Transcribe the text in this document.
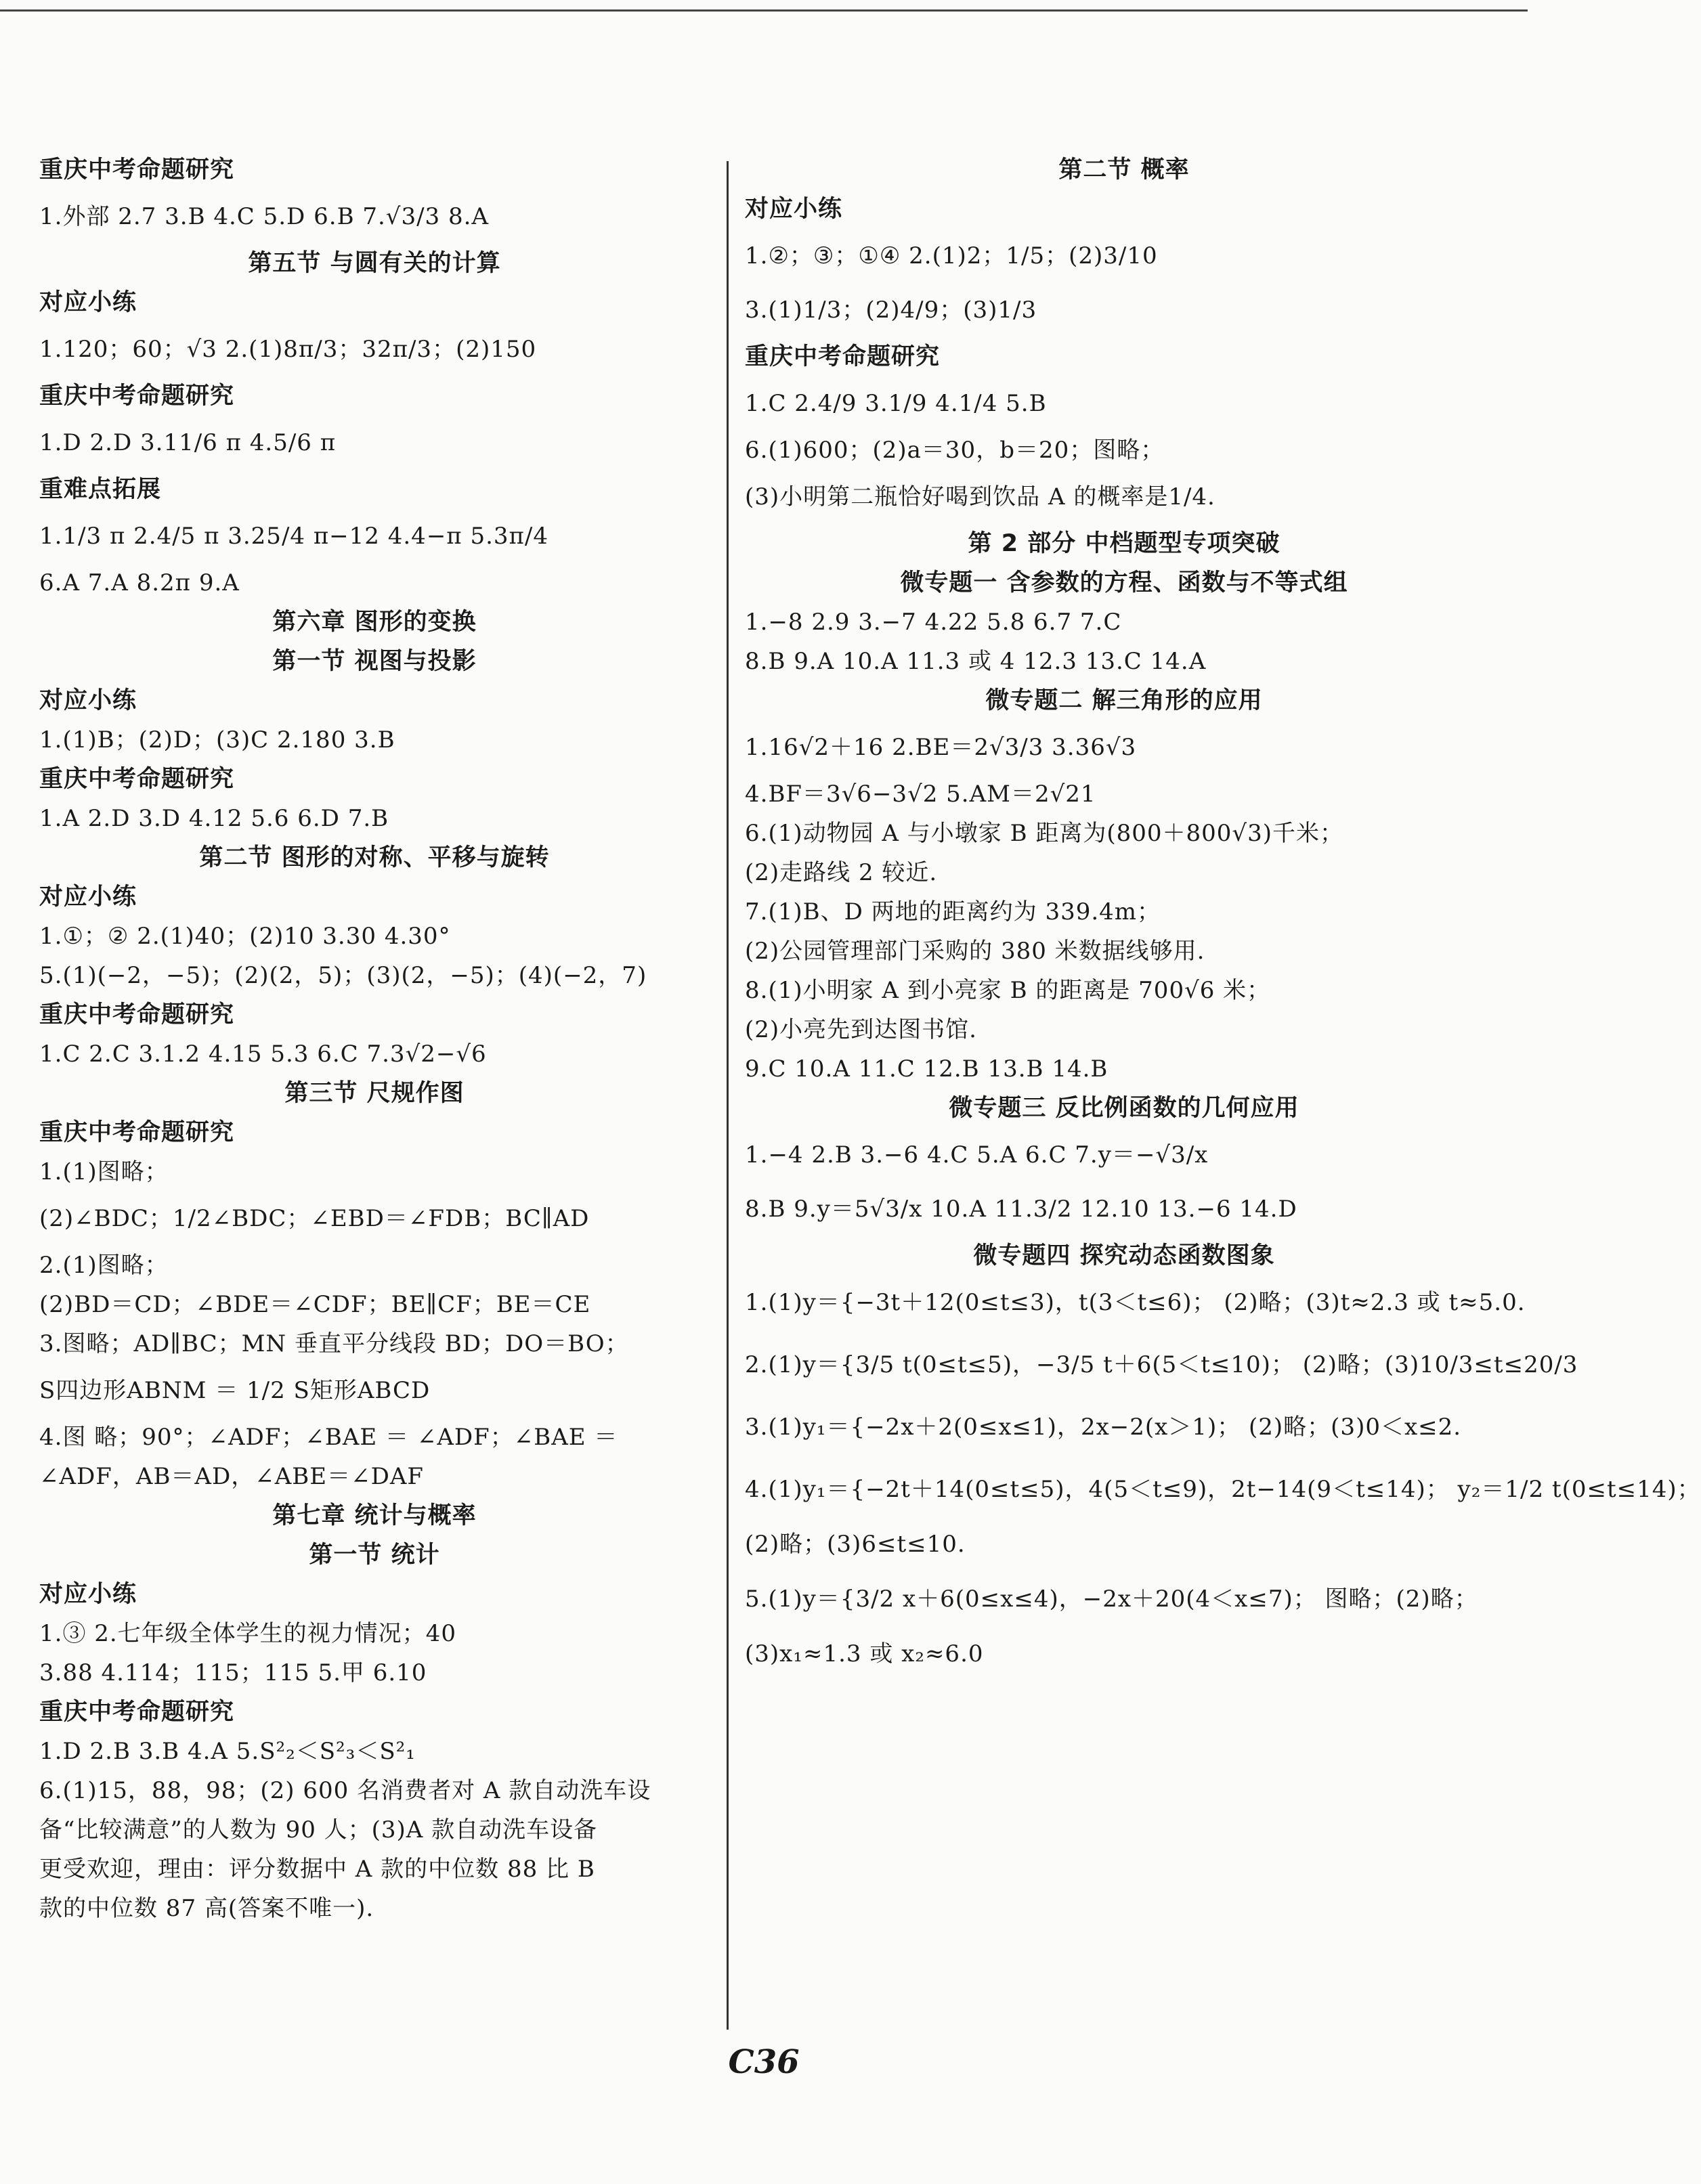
重庆中考命题研究
1.外部 2.7 3.B 4.C 5.D 6.B 7.√3/3 8.A
第五节 与圆有关的计算
对应小练
1.120；60；√3 2.(1)8π/3；32π/3；(2)150
重庆中考命题研究
1.D 2.D 3.11/6 π 4.5/6 π
重难点拓展
1.1/3 π 2.4/5 π 3.25/4 π−12 4.4−π 5.3π/4
6.A 7.A 8.2π 9.A
第六章 图形的变换
第一节 视图与投影
对应小练
1.(1)B；(2)D；(3)C 2.180 3.B
重庆中考命题研究
1.A 2.D 3.D 4.12 5.6 6.D 7.B
第二节 图形的对称、平移与旋转
对应小练
1.①；② 2.(1)40；(2)10 3.30 4.30°
5.(1)(−2，−5)；(2)(2，5)；(3)(2，−5)；(4)(−2，7)
重庆中考命题研究
1.C 2.C 3.1.2 4.15 5.3 6.C 7.3√2−√6
第三节 尺规作图
重庆中考命题研究
1.(1)图略；
(2)∠BDC；1/2∠BDC；∠EBD＝∠FDB；BC∥AD
2.(1)图略；
(2)BD＝CD；∠BDE＝∠CDF；BE∥CF；BE＝CE
3.图略；AD∥BC；MN 垂直平分线段 BD；DO＝BO；
S四边形ABNM ＝ 1/2 S矩形ABCD
4.图 略；90°；∠ADF；∠BAE ＝ ∠ADF；∠BAE ＝
∠ADF，AB＝AD，∠ABE＝∠DAF
第七章 统计与概率
第一节 统计
对应小练
1.③ 2.七年级全体学生的视力情况；40
3.88 4.114；115；115 5.甲 6.10
重庆中考命题研究
1.D 2.B 3.B 4.A 5.S²₂＜S²₃＜S²₁
6.(1)15，88，98；(2) 600 名消费者对 A 款自动洗车设
备“比较满意”的人数为 90 人；(3)A 款自动洗车设备
更受欢迎，理由：评分数据中 A 款的中位数 88 比 B
款的中位数 87 高(答案不唯一).
第二节 概率
对应小练
1.②；③；①④ 2.(1)2；1/5；(2)3/10
3.(1)1/3；(2)4/9；(3)1/3
重庆中考命题研究
1.C 2.4/9 3.1/9 4.1/4 5.B
6.(1)600；(2)a＝30，b＝20；图略；
(3)小明第二瓶恰好喝到饮品 A 的概率是1/4.
第 2 部分 中档题型专项突破
微专题一 含参数的方程、函数与不等式组
1.−8 2.9 3.−7 4.22 5.8 6.7 7.C
8.B 9.A 10.A 11.3 或 4 12.3 13.C 14.A
微专题二 解三角形的应用
1.16√2＋16 2.BE＝2√3/3 3.36√3
4.BF＝3√6−3√2 5.AM＝2√21
6.(1)动物园 A 与小墩家 B 距离为(800＋800√3)千米；
(2)走路线 2 较近.
7.(1)B、D 两地的距离约为 339.4m；
(2)公园管理部门采购的 380 米数据线够用.
8.(1)小明家 A 到小亮家 B 的距离是 700√6 米；
(2)小亮先到达图书馆.
9.C 10.A 11.C 12.B 13.B 14.B
微专题三 反比例函数的几何应用
1.−4 2.B 3.−6 4.C 5.A 6.C 7.y＝−√3/x
8.B 9.y＝5√3/x 10.A 11.3/2 12.10 13.−6 14.D
微专题四 探究动态函数图象
1.(1)y＝{−3t＋12(0≤t≤3)，t(3＜t≤6)； (2)略；(3)t≈2.3 或 t≈5.0.
2.(1)y＝{3/5 t(0≤t≤5)，−3/5 t＋6(5＜t≤10)； (2)略；(3)10/3≤t≤20/3
3.(1)y₁＝{−2x＋2(0≤x≤1)，2x−2(x＞1)； (2)略；(3)0＜x≤2.
4.(1)y₁＝{−2t＋14(0≤t≤5)，4(5＜t≤9)，2t−14(9＜t≤14)； y₂＝1/2 t(0≤t≤14)；
(2)略；(3)6≤t≤10.
5.(1)y＝{3/2 x＋6(0≤x≤4)，−2x＋20(4＜x≤7)； 图略；(2)略；
(3)x₁≈1.3 或 x₂≈6.0
C36
